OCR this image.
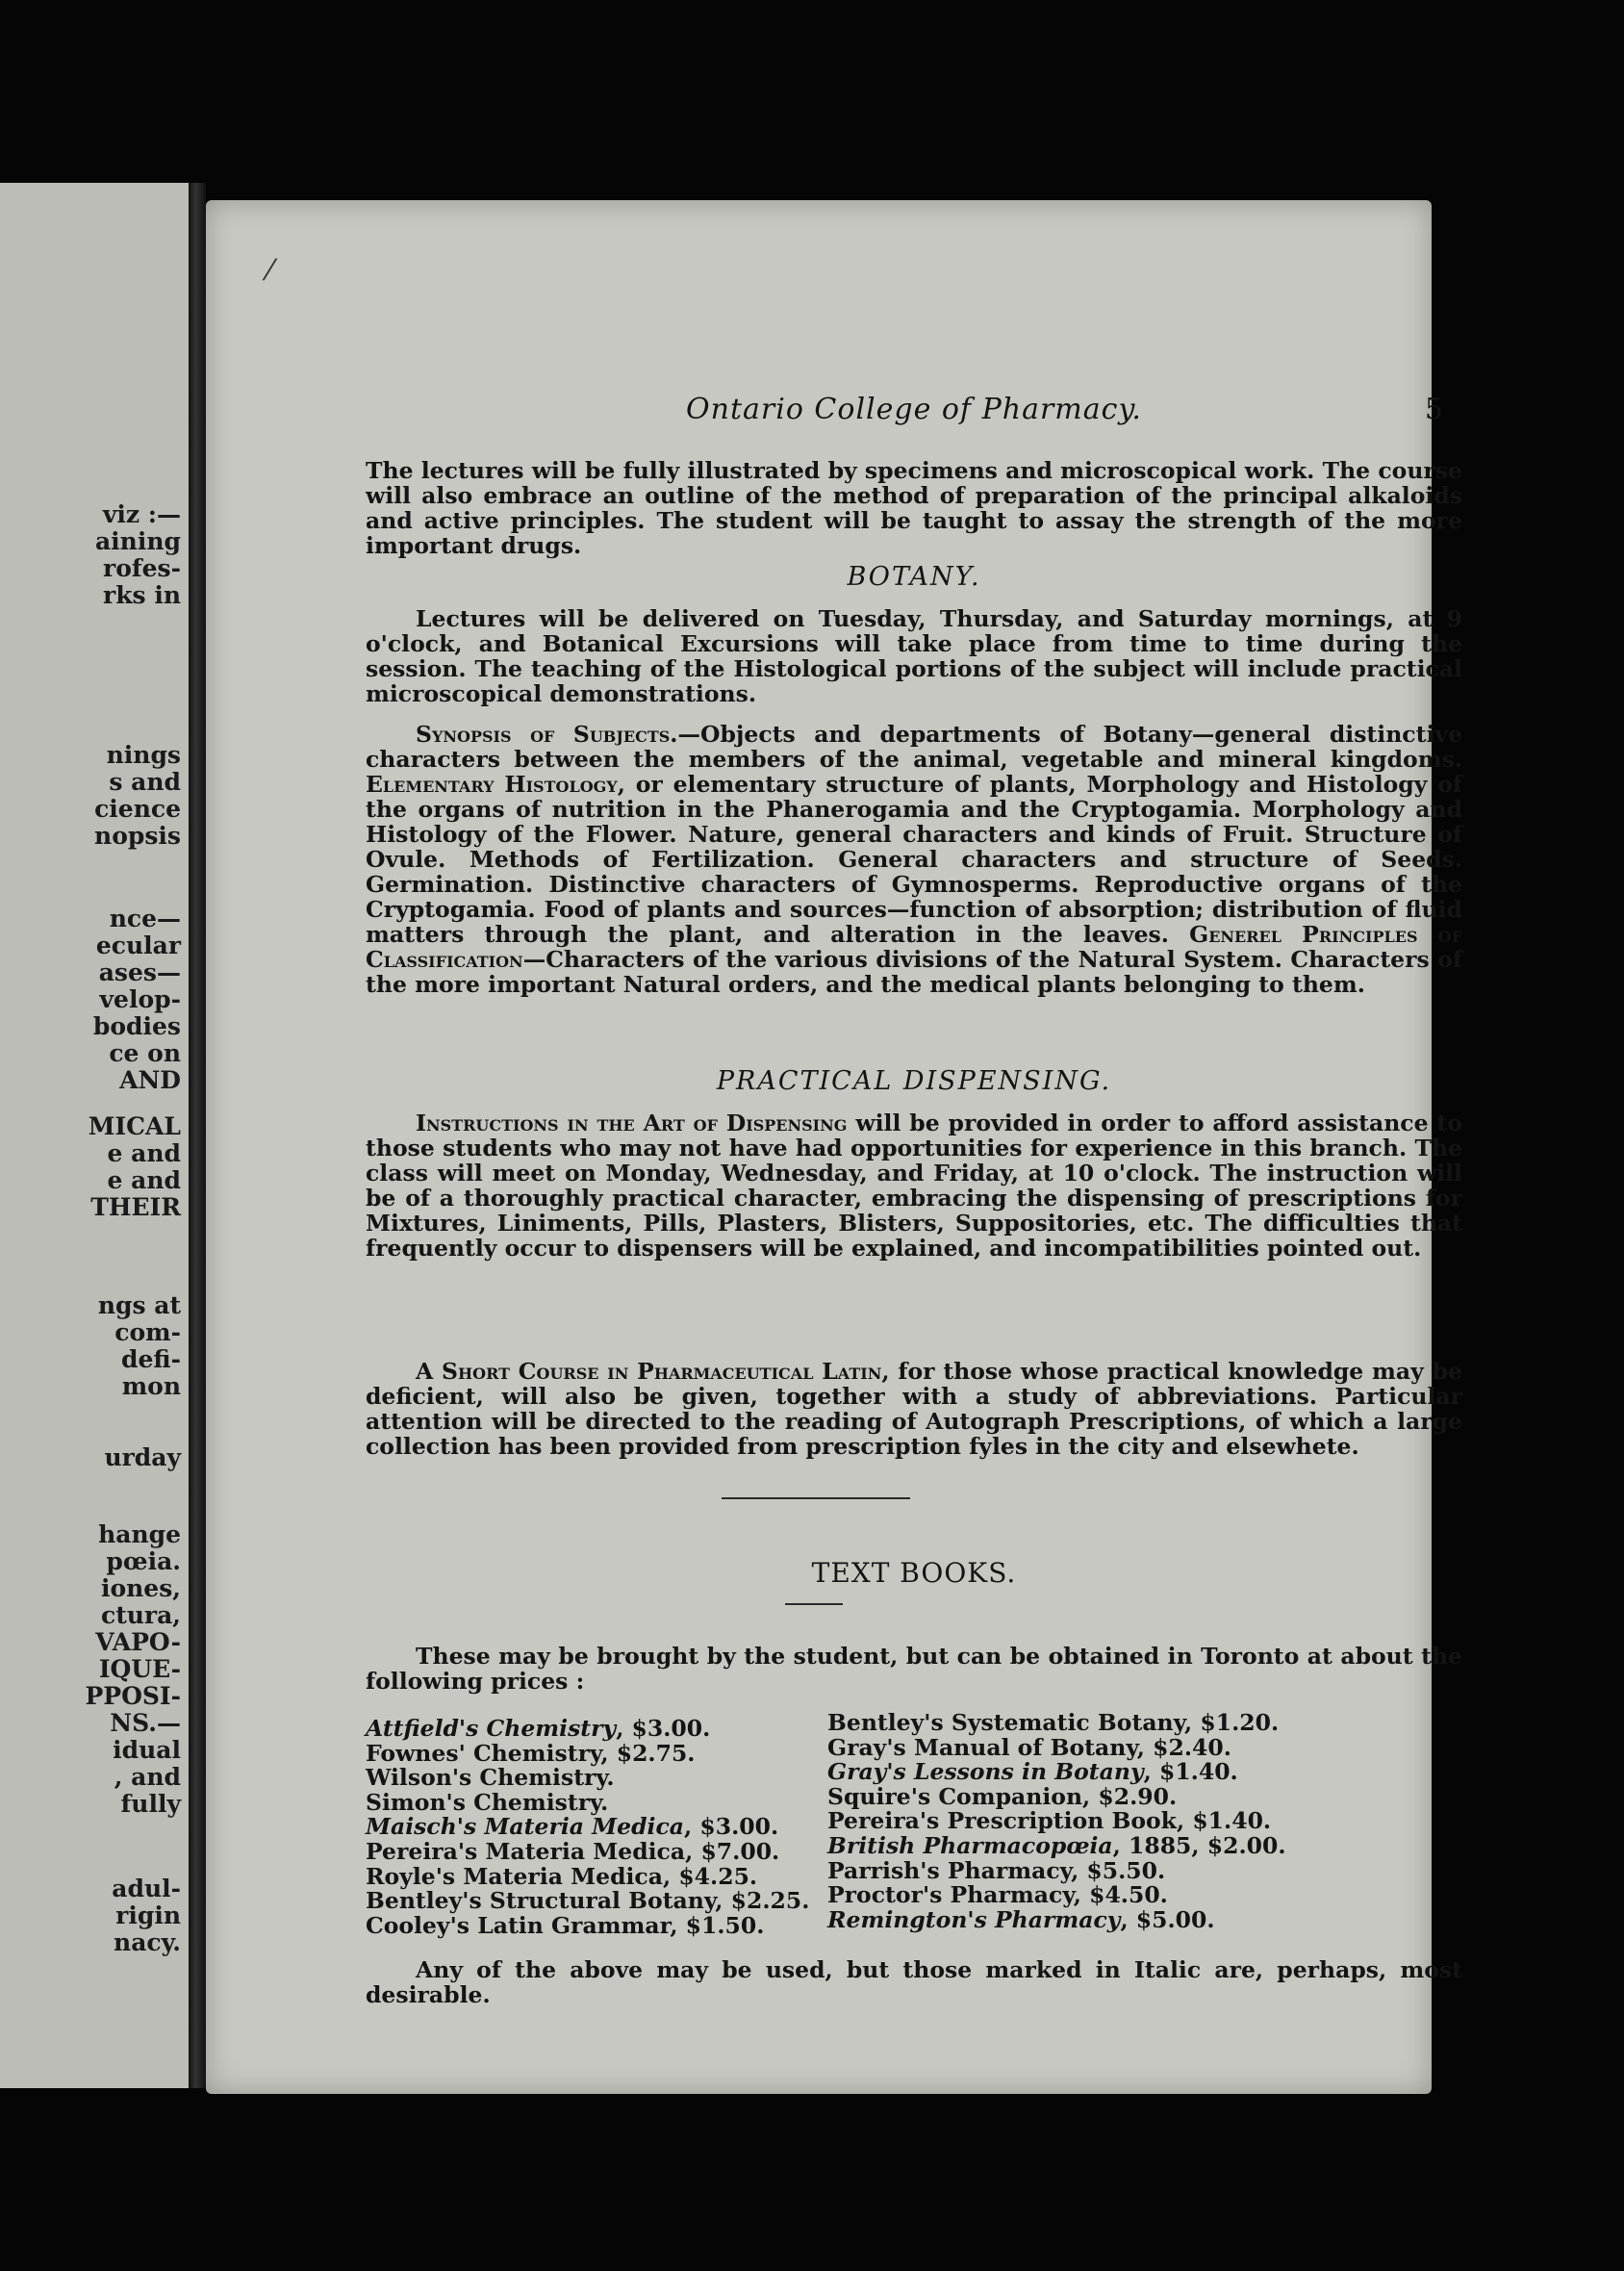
viz :—
aining
rofes-
rks in
nings
s and
cience
nopsis
nce—
ecular
ases—
velop-
bodies
ce on
AND
MICAL
e and
e and
THEIR
ngs at
com-
defi-
mon
urday
hange
pœia.
iones,
ctura,
VAPO-
IQUE-
PPOSI-
NS.—
idual
, and
fully
adul-
rigin
nacy.
⁄
Ontario College of Pharmacy.	5

The lectures will be fully illustrated by specimens and microscopical work. The course will also embrace an outline of the method of preparation of the principal alkaloids and active principles. The student will be taught to assay the strength of the more important drugs.

BOTANY.

Lectures will be delivered on Tuesday, Thursday, and Saturday mornings, at 9 o'clock, and Botanical Excursions will take place from time to time during the session. The teaching of the Histological portions of the subject will include practical microscopical demonstrations.

Synopsis of Subjects.—Objects and departments of Botany—general distinctive characters between the members of the animal, vegetable and mineral kingdoms. Elementary Histology, or elementary structure of plants, Morphology and Histology of the organs of nutrition in the Phanerogamia and the Cryptogamia. Morphology and Histology of the Flower. Nature, general characters and kinds of Fruit. Structure of Ovule. Methods of Fertilization. General characters and structure of Seeds. Germination. Distinctive characters of Gymnosperms. Reproductive organs of the Cryptogamia. Food of plants and sources—function of absorption; distribution of fluid matters through the plant, and alteration in the leaves. Generel Principles of Classification—Characters of the various divisions of the Natural System. Characters of the more important Natural orders, and the medical plants belonging to them.

PRACTICAL DISPENSING.

Instructions in the Art of Dispensing will be provided in order to afford assistance to those students who may not have had opportunities for experience in this branch. The class will meet on Monday, Wednesday, and Friday, at 10 o'clock. The instruction will be of a thoroughly practical character, embracing the dispensing of prescriptions for Mixtures, Liniments, Pills, Plasters, Blisters, Suppositories, etc. The difficulties that frequently occur to dispensers will be explained, and incompatibilities pointed out.

A Short Course in Pharmaceutical Latin, for those whose practical knowledge may be deficient, will also be given, together with a study of abbreviations. Particular attention will be directed to the reading of Autograph Prescriptions, of which a large collection has been provided from prescription fyles in the city and elsewhete.

TEXT BOOKS.

These may be brought by the student, but can be obtained in Toronto at about the following prices :

Attfield's Chemistry, $3.00.
Fownes' Chemistry, $2.75.
Wilson's Chemistry.
Simon's Chemistry.
Maisch's Materia Medica, $3.00.
Pereira's Materia Medica, $7.00.
Royle's Materia Medica, $4.25.
Bentley's Structural Botany, $2.25.
Cooley's Latin Grammar, $1.50.
Bentley's Systematic Botany, $1.20.
Gray's Manual of Botany, $2.40.
Gray's Lessons in Botany, $1.40.
Squire's Companion, $2.90.
Pereira's Prescription Book, $1.40.
British Pharmacopœia, 1885, $2.00.
Parrish's Pharmacy, $5.50.
Proctor's Pharmacy, $4.50.
Remington's Pharmacy, $5.00.

Any of the above may be used, but those marked in Italic are, perhaps, most desirable.
